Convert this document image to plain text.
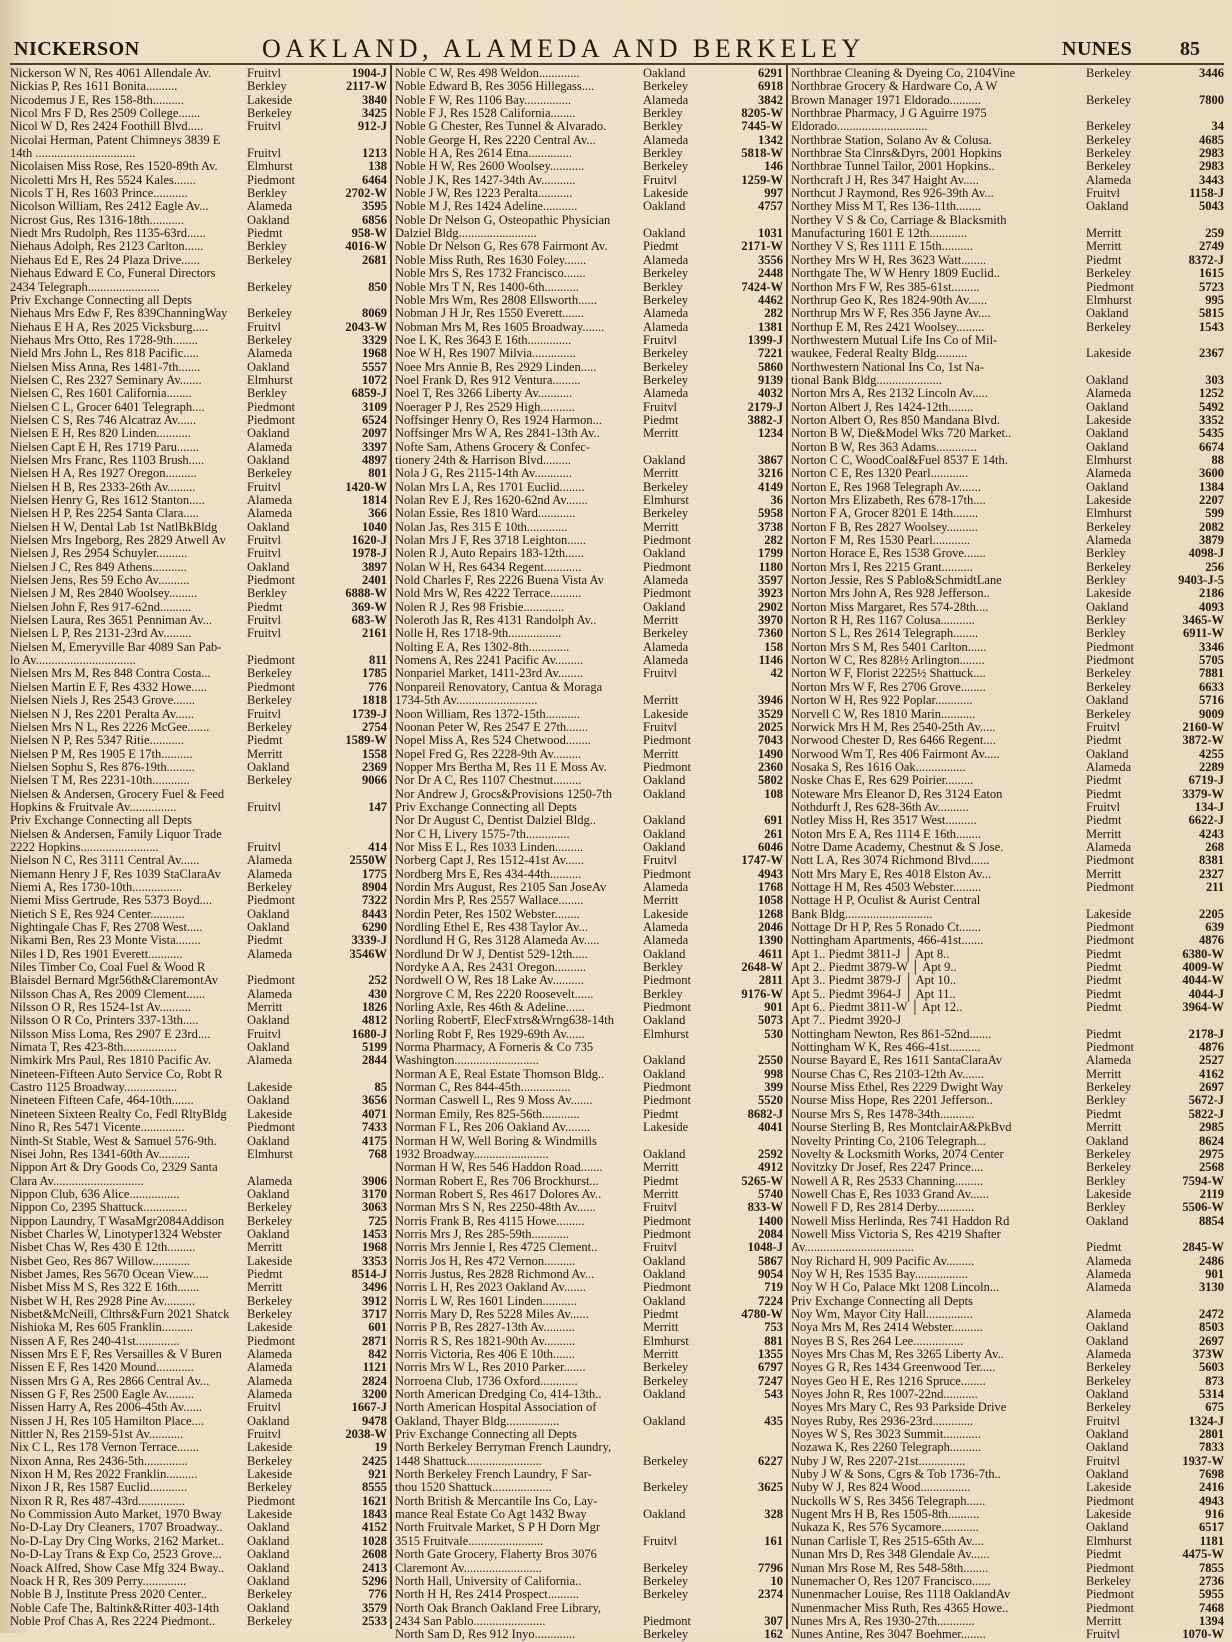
NICKERSON	OAKLAND, ALAMEDA AND BERKELEY	NUNES 85
Nickerson W N, Res 4061 Allendale Av.	Fruitvl	1904-J
Nickias P, Res 1611 Bonita..........	Berkley	2117-W
Nicodemus J E, Res 158-8th..........	Lakeside	3840
Nicol Mrs F D, Res 2509 College.......	Berkeley	3425
Nicol W D, Res 2424 Foothill Blvd.....	Fruitvl	912-J
Nicolai Herman, Patent Chimneys 3839 E
14th ................................	Fruitvl	1213
Nicolaisen Miss Rose, Res 1520-89th Av.	Elmhurst	138
Nicoletti Mrs H, Res 5524 Kales.......	Piedmont	6464
Nicols T H, Res 1603 Prince...........	Berkley	2702-W
Nicolson William, Res 2412 Eagle Av...	Alameda	3595
Nicrost Gus, Res 1316-18th...........	Oakland	6856
Niedt Mrs Rudolph, Res 1135-63rd......	Piedmt	958-W
Niehaus Adolph, Res 2123 Carlton......	Berkley	4016-W
Niehaus Ed E, Res 24 Plaza Drive......	Berkeley	2681
Niehaus Edward E Co, Funeral Directors
2434 Telegraph.......................	Berkeley	850
Priv Exchange Connecting all Depts
Niehaus Mrs Edw F, Res 839ChanningWay	Berkeley	8069
Niehaus E H A, Res 2025 Vicksburg.....	Fruitvl	2043-W
Niehaus Mrs Otto, Res 1728-9th........	Berkeley	3329
Nield Mrs John L, Res 818 Pacific.....	Alameda	1968
Nielsen Miss Anna, Res 1481-7th.......	Oakland	5557
Nielsen C, Res 2327 Seminary Av.......	Elmhurst	1072
Nielsen C, Res 1601 California........	Berkley	6859-J
Nielsen C L, Grocer 6401 Telegraph....	Piedmont	3109
Nielsen C S, Res 746 Alcatraz Av......	Piedmont	6524
Nielsen E H, Res 820 Linden...........	Oakland	2097
Nielsen Capt E H, Res 1719 Paru.......	Alameda	3397
Nielsen Mrs Franc, Res 1103 Brush.....	Oakland	4897
Nielsen H A, Res 1927 Oregon..........	Berkeley	801
Nielsen H B, Res 2333-26th Av.........	Fruitvl	1420-W
Nielsen Henry G, Res 1612 Stanton.....	Alameda	1814
Nielsen H P, Res 2254 Santa Clara.....	Alameda	366
Nielsen H W, Dental Lab 1st NatlBkBldg	Oakland	1040
Nielsen Mrs Ingeborg, Res 2829 Atwell Av	Fruitvl	1620-J
Nielsen J, Res 2954 Schuyler..........	Fruitvl	1978-J
Nielsen J C, Res 849 Athens...........	Oakland	3897
Nielsen Jens, Res 59 Echo Av..........	Piedmont	2401
Nielsen J M, Res 2840 Woolsey.........	Berkley	6888-W
Nielsen John F, Res 917-62nd..........	Piedmt	369-W
Nielsen Laura, Res 3651 Penniman Av...	Fruitvl	683-W
Nielsen L P, Res 2131-23rd Av.........	Fruitvl	2161
Nielsen M, Emeryville Bar 4089 San Pab-
lo Av................................	Piedmont	811
Nielsen Mrs M, Res 848 Contra Costa...	Berkeley	1785
Nielsen Martin E F, Res 4332 Howe.....	Piedmont	776
Nielsen Niels J, Res 2543 Grove.......	Berkeley	1818
Nielsen N J, Res 2201 Peralta Av......	Fruitvl	1739-J
Nielsen Mrs N L, Res 2226 McGee.......	Berkeley	2754
Nielsen N P, Res 5347 Ritie...........	Piedmt	1589-W
Nielsen P M, Res 1905 E 17th..........	Merritt	1558
Nielsen Sophu S, Res 876-19th.........	Oakland	2369
Nielsen T M, Res 2231-10th............	Berkeley	9066
Nielsen & Andersen, Grocery Fuel & Feed
Hopkins & Fruitvale Av...............	Fruitvl	147
Priv Exchange Connecting all Depts
Nielsen & Andersen, Family Liquor Trade
2222 Hopkins.........................	Fruitvl	414
Nielson N C, Res 3111 Central Av......	Alameda	2550W
Niemann Henry J F, Res 1039 StaClaraAv	Alameda	1775
Niemi A, Res 1730-10th................	Berkeley	8904
Niemi Miss Gertrude, Res 5373 Boyd....	Piedmont	7322
Nietich S E, Res 924 Center...........	Oakland	8443
Nightingale Chas F, Res 2708 West.....	Oakland	6290
Nikami Ben, Res 23 Monte Vista........	Piedmt	3339-J
Niles I D, Res 1901 Everett...........	Alameda	3546W
Niles Timber Co, Coal Fuel & Wood R
Blaisdel Bernard Mgr56th&ClaremontAv	Piedmont	252
Nilsson Chas A, Res 2009 Clement......	Alameda	430
Nilsson O R, Res 1524-1st Av..........	Merritt	1826
Nilsson O R Co, Printers 337-13th.....	Oakland	4812
Nilsson Miss Loma, Res 2907 E 23rd....	Fruitvl	1680-J
Nimata T, Res 423-8th.................	Oakland	5199
Nimkirk Mrs Paul, Res 1810 Pacific Av.	Alameda	2844
Nineteen-Fifteen Auto Service Co, Robt R
Castro 1125 Broadway.................	Lakeside	85
Nineteen Fifteen Cafe, 464-10th.......	Oakland	3656
Nineteen Sixteen Realty Co, Fedl RltyBldg	Lakeside	4071
Nino R, Res 5471 Vicente..............	Piedmont	7433
Ninth-St Stable, West & Samuel 576-9th.	Oakland	4175
Nisei John, Res 1341-60th Av..........	Elmhurst	768
Nippon Art & Dry Goods Co, 2329 Santa
Clara Av.............................	Alameda	3906
Nippon Club, 636 Alice................	Oakland	3170
Nippon Co, 2395 Shattuck..............	Berkeley	3063
Nippon Laundry, T WasaMgr2084Addison	Berkeley	725
Nisbet Charles W, Linotyper1324 Webster	Oakland	1453
Nisbet Chas W, Res 430 E 12th.........	Merritt	1968
Nisbet Geo, Res 867 Willow............	Lakeside	3353
Nisbet James, Res 5670 Ocean View.....	Piedmt	8514-J
Nisbet Miss M S, Res 322 E 16th.......	Merritt	3496
Nisbet W H, Res 2928 Pine Av..........	Berkeley	3912
Nisbet&McNeill, Clthrs&Furn 2021 Shatck	Berkeley	3717
Nishioka M, Res 605 Franklin..........	Lakeside	601
Nissen A F, Res 240-41st..............	Piedmont	2871
Nissen Mrs E F, Res Versailles & V Buren	Alameda	842
Nissen E F, Res 1420 Mound............	Alameda	1121
Nissen Mrs G A, Res 2866 Central Av...	Alameda	2824
Nissen G F, Res 2500 Eagle Av.........	Alameda	3200
Nissen Harry A, Res 2006-45th Av......	Fruitvl	1667-J
Nissen J H, Res 105 Hamilton Place....	Oakland	9478
Nittler N, Res 2159-51st Av...........	Fruitvl	2038-W
Nix C L, Res 178 Vernon Terrace.......	Lakeside	19
Nixon Anna, Res 2436-5th..............	Berkeley	2425
Nixon H M, Res 2022 Franklin..........	Lakeside	921
Nixon J R, Res 1587 Euclid............	Berkeley	8555
Nixon R R, Res 487-43rd...............	Piedmont	1621
No Commission Auto Market, 1970 Bway	Lakeside	1843
No-D-Lay Dry Cleaners, 1707 Broadway..	Oakland	4152
No-D-Lay Dry Clng Works, 2162 Market..	Oakland	1028
No-D-Lay Trans & Exp Co, 2523 Grove...	Oakland	2608
Noack Alfred, Show Case Mfg 324 Bway..	Oakland	2413
Noack H R, Res 309 Perry..............	Oakland	5296
Noble B J, Institute Press 2020 Center..	Berkeley	776
Noble Cafe The, Baltink&Ritter 403-14th	Oakland	3579
Noble Prof Chas A, Res 2224 Piedmont..	Berkeley	2533
Noble C W, Res 498 Weldon.............	Oakland	6291
Noble Edward B, Res 3056 Hillegass....	Berkeley	6918
Noble F W, Res 1106 Bay...............	Alameda	3842
Noble F J, Res 1528 California........	Berkley	8205-W
Noble G Chester, Res Tunnel & Alvarado.	Berkley	7445-W
Noble George H, Res 2220 Central Av...	Alameda	1342
Noble H A, Res 2614 Etna..............	Berkley	5818-W
Noble H W, Res 2600 Woolsey...........	Berkeley	146
Noble J K, Res 1427-34th Av...........	Fruitvl	1259-W
Noble J W, Res 1223 Peralta...........	Lakeside	997
Noble M J, Res 1424 Adeline...........	Oakland	4757
Noble Dr Nelson G, Osteopathic Physician
Dalziel Bldg.........................	Oakland	1031
Noble Dr Nelson G, Res 678 Fairmont Av.	Piedmt	2171-W
Noble Miss Ruth, Res 1630 Foley.......	Alameda	3556
Noble Mrs S, Res 1732 Francisco.......	Berkeley	2448
Noble Mrs T N, Res 1400-6th...........	Berkley	7424-W
Noble Mrs Wm, Res 2808 Ellsworth......	Berkeley	4462
Nobman J H Jr, Res 1550 Everett.......	Alameda	282
Nobman Mrs M, Res 1605 Broadway.......	Alameda	1381
Noe L K, Res 3643 E 16th..............	Fruitvl	1399-J
Noe W H, Res 1907 Milvia..............	Berkeley	7221
Noee Mrs Annie B, Res 2929 Linden.....	Berkeley	5860
Noel Frank D, Res 912 Ventura.........	Berkeley	9139
Noel T, Res 3266 Liberty Av...........	Alameda	4032
Noerager P J, Res 2529 High...........	Fruitvl	2179-J
Noffsinger Henry O, Res 1924 Harmon...	Piedmt	3882-J
Noffsinger Mrs W A, Res 2841-13th Av..	Merritt	1234
Nofte Sam, Athens Grocery & Confec-
tionery 24th & Harrison Blvd.........	Oakland	3867
Nola J G, Res 2115-14th Av............	Merritt	3216
Nolan Mrs L A, Res 1701 Euclid........	Berkeley	4149
Nolan Rev E J, Res 1620-62nd Av.......	Elmhurst	36
Nolan Essie, Res 1810 Ward............	Berkeley	5958
Nolan Jas, Res 315 E 10th.............	Merritt	3738
Nolan Mrs J F, Res 3718 Leighton......	Piedmont	282
Nolen R J, Auto Repairs 183-12th......	Oakland	1799
Nolan W H, Res 6434 Regent............	Piedmont	1180
Nold Charles F, Res 2226 Buena Vista Av	Alameda	3597
Nold Mrs W, Res 4222 Terrace..........	Piedmont	3923
Nolen R J, Res 98 Frisbie.............	Oakland	2902
Noleroth Jas R, Res 4131 Randolph Av..	Merritt	3970
Nolle H, Res 1718-9th.................	Berkeley	7360
Nolting E A, Res 1302-8th.............	Alameda	158
Nomens A, Res 2241 Pacific Av.........	Alameda	1146
Nonpariel Market, 1411-23rd Av........	Fruitvl	42
Nonpareil Renovatory, Cantua & Moraga
1734-5th Av..........................	Merritt	3946
Noon William, Res 1372-15th...........	Lakeside	3529
Noonan Peter W, Res 2547 E 27th.......	Fruitvl	2025
Nopel Miss A, Res 524 Chetwood........	Piedmont	7043
Nopel Fred G, Res 2228-9th Av.........	Merritt	1490
Nopper Mrs Bertha M, Res 11 E Moss Av.	Piedmont	2360
Nor Dr A C, Res 1107 Chestnut.........	Oakland	5802
Nor Andrew J, Grocs&Provisions 1250-7th	Oakland	108
Priv Exchange Connecting all Depts
Nor Dr August C, Dentist Dalziel Bldg..	Oakland	691
Nor C H, Livery 1575-7th..............	Oakland	261
Nor Miss E L, Res 1033 Linden.........	Oakland	6046
Norberg Capt J, Res 1512-41st Av......	Fruitvl	1747-W
Nordberg Mrs E, Res 434-44th..........	Piedmont	4943
Nordin Mrs August, Res 2105 San JoseAv	Alameda	1768
Nordin Mrs P, Res 2557 Wallace........	Merritt	1058
Nordin Peter, Res 1502 Webster........	Lakeside	1268
Nordling Ethel E, Res 438 Taylor Av...	Alameda	2046
Nordlund H G, Res 3128 Alameda Av.....	Alameda	1390
Nordlund Dr W J, Dentist 529-12th.....	Oakland	4611
Nordyke A A, Res 2431 Oregon..........	Berkley	2648-W
Nordwell O W, Res 18 Lake Av..........	Piedmont	2811
Norgrove C M, Res 2220 Roosevelt......	Berkley	9176-W
Norling Axle, Res 46th & Adeline......	Piedmont	901
Norling RobertF, ElecFxtrs&Wrng638-14th	Oakland	5073
Norling Robt F, Res 1929-69th Av......	Elmhurst	530
Norma Pharmacy, A Forneris & Co 735
Washington...........................	Oakland	2550
Norman A E, Real Estate Thomson Bldg..	Oakland	998
Norman C, Res 844-45th................	Piedmont	399
Norman Caswell L, Res 9 Moss Av.......	Piedmont	5520
Norman Emily, Res 825-56th............	Piedmt	8682-J
Norman F L, Res 206 Oakland Av........	Lakeside	4041
Norman H W, Well Boring & Windmills
1932 Broadway........................	Oakland	2592
Norman H W, Res 546 Haddon Road.......	Merritt	4912
Norman Robert E, Res 706 Brockhurst...	Piedmt	5265-W
Norman Robert S, Res 4617 Dolores Av..	Merritt	5740
Norman Mrs S N, Res 2250-48th Av......	Fruitvl	833-W
Norris Frank B, Res 4115 Howe.........	Piedmont	1400
Norris Mrs J, Res 285-59th............	Piedmont	2084
Norris Mrs Jennie I, Res 4725 Clement..	Fruitvl	1048-J
Norris Jos H, Res 472 Vernon..........	Oakland	5867
Norris Justus, Res 2828 Richmond Av...	Oakland	9054
Norris L H, Res 2023 Oakland Av.......	Piedmont	719
Norris L W, Res 1601 Linden...........	Oakland	7224
Norris Mary D, Res 5228 Miles Av......	Piedmt	4780-W
Norris P B, Res 2827-13th Av..........	Merritt	753
Norris R S, Res 1821-90th Av..........	Elmhurst	881
Norris Victoria, Res 406 E 10th.......	Merritt	1355
Norris Mrs W L, Res 2010 Parker.......	Berkeley	6797
Norroena Club, 1736 Oxford............	Berkeley	7247
North American Dredging Co, 414-13th..	Oakland	543
North American Hospital Association of
Oakland, Thayer Bldg.................	Oakland	435
Priv Exchange Connecting all Depts
North Berkeley Berryman French Laundry,
1448 Shattuck........................	Berkeley	6227
North Berkeley French Laundry, F Sar-
thou 1520 Shattuck...................	Berkeley	3625
North British & Mercantile Ins Co, Lay-
mance Real Estate Co Agt 1432 Bway	Oakland	328
North Fruitvale Market, S P H Dorn Mgr
3515 Fruitvale........................	Fruitvl	161
North Gate Grocery, Flaherty Bros 3076
Claremont Av.........................	Berkeley	7796
North Hall, University of California..	Berkeley	10
North H H, Res 2414 Prospect..........	Berkeley	2374
North Oak Branch Oakland Free Library,
2434 San Pablo.......................	Piedmont	307
North Sam D, Res 912 Inyo.............	Berkeley	162
Northbrae Cleaning & Dyeing Co, 2104Vine	Berkeley	3446
Northbrae Grocery & Hardware Co, A W
Brown Manager 1971 Eldorado..........	Berkeley	7800
Northbrae Pharmacy, J G Aguirre 1975
Eldorado.............................	Berkeley	34
Northbrae Station, Solano Av & Colusa.	Berkeley	4685
Northbrae Sta Clnrs&Dyrs, 2001 Hopkins	Berkeley	2983
Northbrae Tunnel Tailor, 2001 Hopkins..	Berkeley	2983
Northcraft J H, Res 347 Haight Av.....	Alameda	3443
Northcut J Raymond, Res 926-39th Av...	Fruitvl	1158-J
Northey Miss M T, Res 136-11th........	Oakland	5043
Northey V S & Co, Carriage & Blacksmith
Manufacturing 1601 E 12th............	Merritt	259
Northey V S, Res 1111 E 15th..........	Merritt	2749
Northey Mrs W H, Res 3623 Watt........	Piedmt	8372-J
Northgate The, W W Henry 1809 Euclid..	Berkeley	1615
Northon Mrs F W, Res 385-61st.........	Piedmont	5723
Northrup Geo K, Res 1824-90th Av......	Elmhurst	995
Northrup Mrs W F, Res 356 Jayne Av....	Oakland	5815
Northup E M, Res 2421 Woolsey.........	Berkeley	1543
Northwestern Mutual Life Ins Co of Mil-
waukee, Federal Realty Bldg..........	Lakeside	2367
Northwestern National Ins Co, 1st Na-
tional Bank Bldg.....................	Oakland	303
Norton Mrs A, Res 2132 Lincoln Av.....	Alameda	1252
Norton Albert J, Res 1424-12th........	Oakland	5492
Norton Albert O, Res 850 Mandana Blvd.	Lakeside	3352
Norton B W, Die&Model Wks 720 Market..	Oakland	5435
Norton B W, Res 363 Adams.............	Oakland	6674
Norton C C, WoodCoal&Fuel 8537 E 14th.	Elmhurst	88
Norton C E, Res 1320 Pearl............	Alameda	3600
Norton E, Res 1968 Telegraph Av.......	Oakland	1384
Norton Mrs Elizabeth, Res 678-17th....	Lakeside	2207
Norton F A, Grocer 8201 E 14th........	Elmhurst	599
Norton F B, Res 2827 Woolsey..........	Berkeley	2082
Norton F M, Res 1530 Pearl............	Alameda	3879
Norton Horace E, Res 1538 Grove.......	Berkley	4098-J
Norton Mrs I, Res 2215 Grant..........	Berkeley	256
Norton Jessie, Res S Pablo&SchmidtLane	Berkley	9403-J-5
Norton Mrs John A, Res 928 Jefferson..	Lakeside	2186
Norton Miss Margaret, Res 574-28th....	Oakland	4093
Norton R H, Res 1167 Colusa...........	Berkley	3465-W
Norton S L, Res 2614 Telegraph........	Berkley	6911-W
Norton Mrs S M, Res 5401 Carlton......	Piedmont	3346
Norton W C, Res 828½ Arlington........	Piedmont	5705
Norton W F, Florist 2225½ Shattuck....	Berkeley	7881
Norton Mrs W F, Res 2706 Grove........	Berkeley	6633
Norton W H, Res 922 Poplar............	Oakland	5716
Norvell C W, Res 1810 Marin...........	Berkeley	9009
Norwick Mrs H M, Res 2540-25th Av.....	Fruitvl	2160-W
Norwood Chester D, Res 6466 Regent....	Piedmt	3872-W
Norwood Wm T, Res 406 Fairmont Av.....	Oakland	4255
Nosaka S, Res 1616 Oak................	Alameda	2289
Noske Chas E, Res 629 Poirier.........	Piedmt	6719-J
Noteware Mrs Eleanor D, Res 3124 Eaton	Piedmt	3379-W
Nothdurft J, Res 628-36th Av..........	Fruitvl	134-J
Notley Miss H, Res 3517 West..........	Piedmt	6622-J
Noton Mrs E A, Res 1114 E 16th........	Merritt	4243
Notre Dame Academy, Chestnut & S Jose.	Alameda	268
Nott L A, Res 3074 Richmond Blvd......	Piedmont	8381
Nott Mrs Mary E, Res 4018 Elston Av...	Merritt	2327
Nottage H M, Res 4503 Webster.........	Piedmont	211
Nottage H P, Oculist & Aurist Central
Bank Bldg............................	Lakeside	2205
Nottage Dr H P, Res 5 Ronado Ct.......	Piedmont	639
Nottingham Apartments, 466-41st.......	Piedmont	4876
Apt 1.. Piedmt 3811-J │ Apt 8..	Piedmt	6380-W
Apt 2.. Piedmt 3879-W │ Apt 9..	Piedmt	4009-W
Apt 3.. Piedmt 3879-J │ Apt 10..	Piedmt	4044-W
Apt 5.. Piedmt 3964-J │ Apt 11..	Piedmt	4044-J
Apt 6.. Piedmt 3811-W │ Apt 12..	Piedmt	3964-W
Apt 7.. Piedmt 3920-J
Nottingham Newton, Res 861-52nd.......	Piedmt	2178-J
Nottingham W K, Res 466-41st..........	Piedmont	4876
Nourse Bayard E, Res 1611 SantaClaraAv	Alameda	2527
Nourse Chas C, Res 2103-12th Av.......	Merritt	4162
Nourse Miss Ethel, Res 2229 Dwight Way	Berkeley	2697
Nourse Miss Hope, Res 2201 Jefferson..	Berkley	5672-J
Nourse Mrs S, Res 1478-34th...........	Piedmt	5822-J
Nourse Sterling B, Res MontclairA&PkBvd	Merritt	2985
Novelty Printing Co, 2106 Telegraph...	Oakland	8624
Novelty & Locksmith Works, 2074 Center	Berkeley	2975
Novitzky Dr Josef, Res 2247 Prince....	Berkeley	2568
Nowell A R, Res 2533 Channing.........	Berkley	7594-W
Nowell Chas E, Res 1033 Grand Av......	Lakeside	2119
Nowell F D, Res 2814 Derby............	Berkley	5506-W
Nowell Miss Herlinda, Res 741 Haddon Rd	Oakland	8854
Nowell Miss Victoria S, Res 4219 Shafter
Av...................................	Piedmt	2845-W
Noy Richard H, 909 Pacific Av.........	Alameda	2486
Noy W H, Res 1535 Bay.................	Alameda	901
Noy W H Co, Palace Mkt 1208 Lincoln...	Alameda	3130
Priv Exchange Connecting all Depts
Noy Wm, Mayor City Hall...............	Alameda	2472
Noya Mrs M, Res 2414 Webster..........	Oakland	8503
Noyes B S, Res 264 Lee................	Oakland	2697
Noyes Mrs Chas M, Res 3265 Liberty Av..	Alameda	373W
Noyes G R, Res 1434 Greenwood Ter.....	Berkeley	5603
Noyes Geo H E, Res 1216 Spruce........	Berkeley	873
Noyes John R, Res 1007-22nd...........	Oakland	5314
Noyes Mrs Mary C, Res 93 Parkside Drive	Berkeley	675
Noyes Ruby, Res 2936-23rd.............	Fruitvl	1324-J
Noyes W S, Res 3023 Summit............	Oakland	2801
Nozawa K, Res 2260 Telegraph..........	Oakland	7833
Nuby J W, Res 2207-21st...............	Fruitvl	1937-W
Nuby J W & Sons, Cgrs & Tob 1736-7th..	Oakland	7698
Nuby W J, Res 824 Wood................	Lakeside	2416
Nuckolls W S, Res 3456 Telegraph......	Piedmont	4943
Nugent Mrs H B, Res 1505-8th..........	Lakeside	916
Nukaza K, Res 576 Sycamore............	Oakland	6517
Nunan Carlisle T, Res 2515-65th Av....	Elmhurst	1181
Nunan Mrs D, Res 348 Glendale Av......	Piedmt	4475-W
Nunan Mrs Rose M, Res 548-58th........	Piedmont	7855
Nunemacher O, Res 1207 Francisco......	Berkeley	2736
Nunenmacher Louise, Res 1118 OaklandAv	Piedmont	5955
Nunenmacher Miss Ruth, Res 4365 Howe..	Piedmont	7468
Nunes Mrs A, Res 1930-27th............	Merritt	1394
Nunes Antine, Res 3047 Boehmer........	Fruitvl	1070-W
